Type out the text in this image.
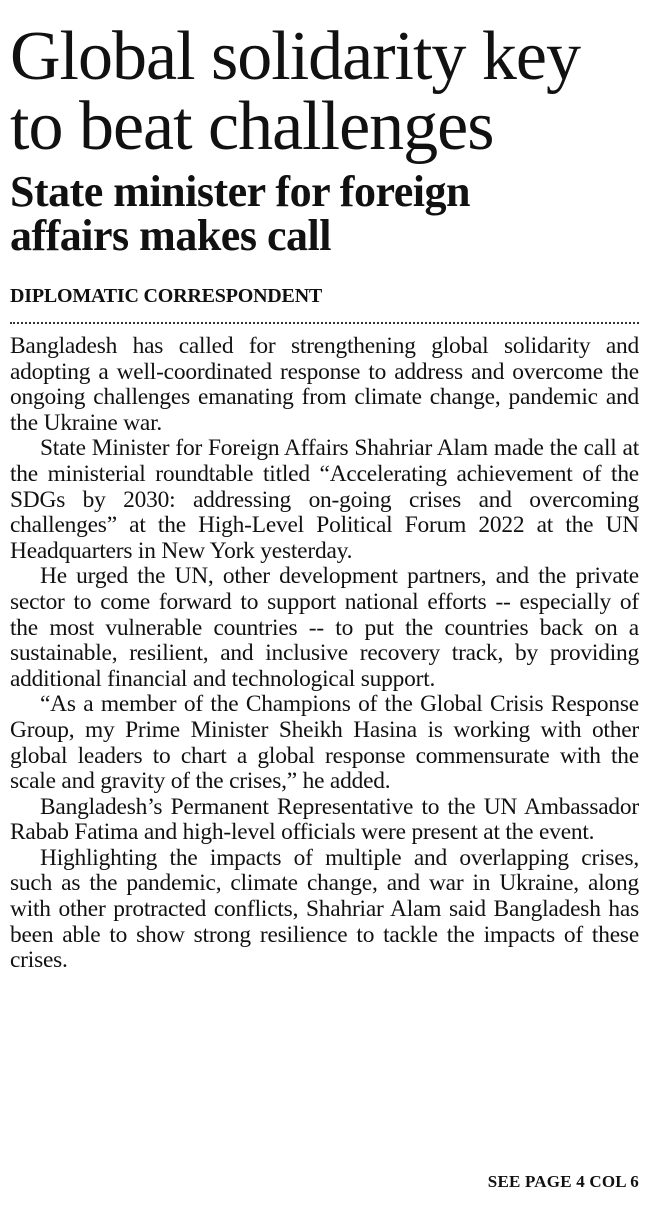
Global solidarity key
to beat challenges
State minister for foreign
affairs makes call
DIPLOMATIC CORRESPONDENT

Bangladesh has called for strengthening global solidarity and adopting a well-coordinated response to address and overcome the ongoing challenges emanating from climate change, pandemic and the Ukraine war.

State Minister for Foreign Affairs Shahriar Alam made the call at the ministerial roundtable titled “Accelerating achievement of the SDGs by 2030: addressing on-going crises and overcoming challenges” at the High-Level Political Forum 2022 at the UN Headquarters in New York yesterday.

He urged the UN, other development partners, and the private sector to come forward to support national efforts -- especially of the most vulnerable countries -- to put the countries back on a sustainable, resilient, and inclusive recovery track, by providing additional financial and technological support.

“As a member of the Champions of the Global Crisis Response Group, my Prime Minister Sheikh Hasina is working with other global leaders to chart a global response commensurate with the scale and gravity of the crises,” he added.

Bangladesh’s Permanent Representative to the UN Ambassador Rabab Fatima and high-level officials were present at the event.

Highlighting the impacts of multiple and overlapping crises, such as the pandemic, climate change, and war in Ukraine, along with other protracted conflicts, Shahriar Alam said Bangladesh has been able to show strong resilience to tackle the impacts of these crises.

SEE PAGE 4 COL 6
